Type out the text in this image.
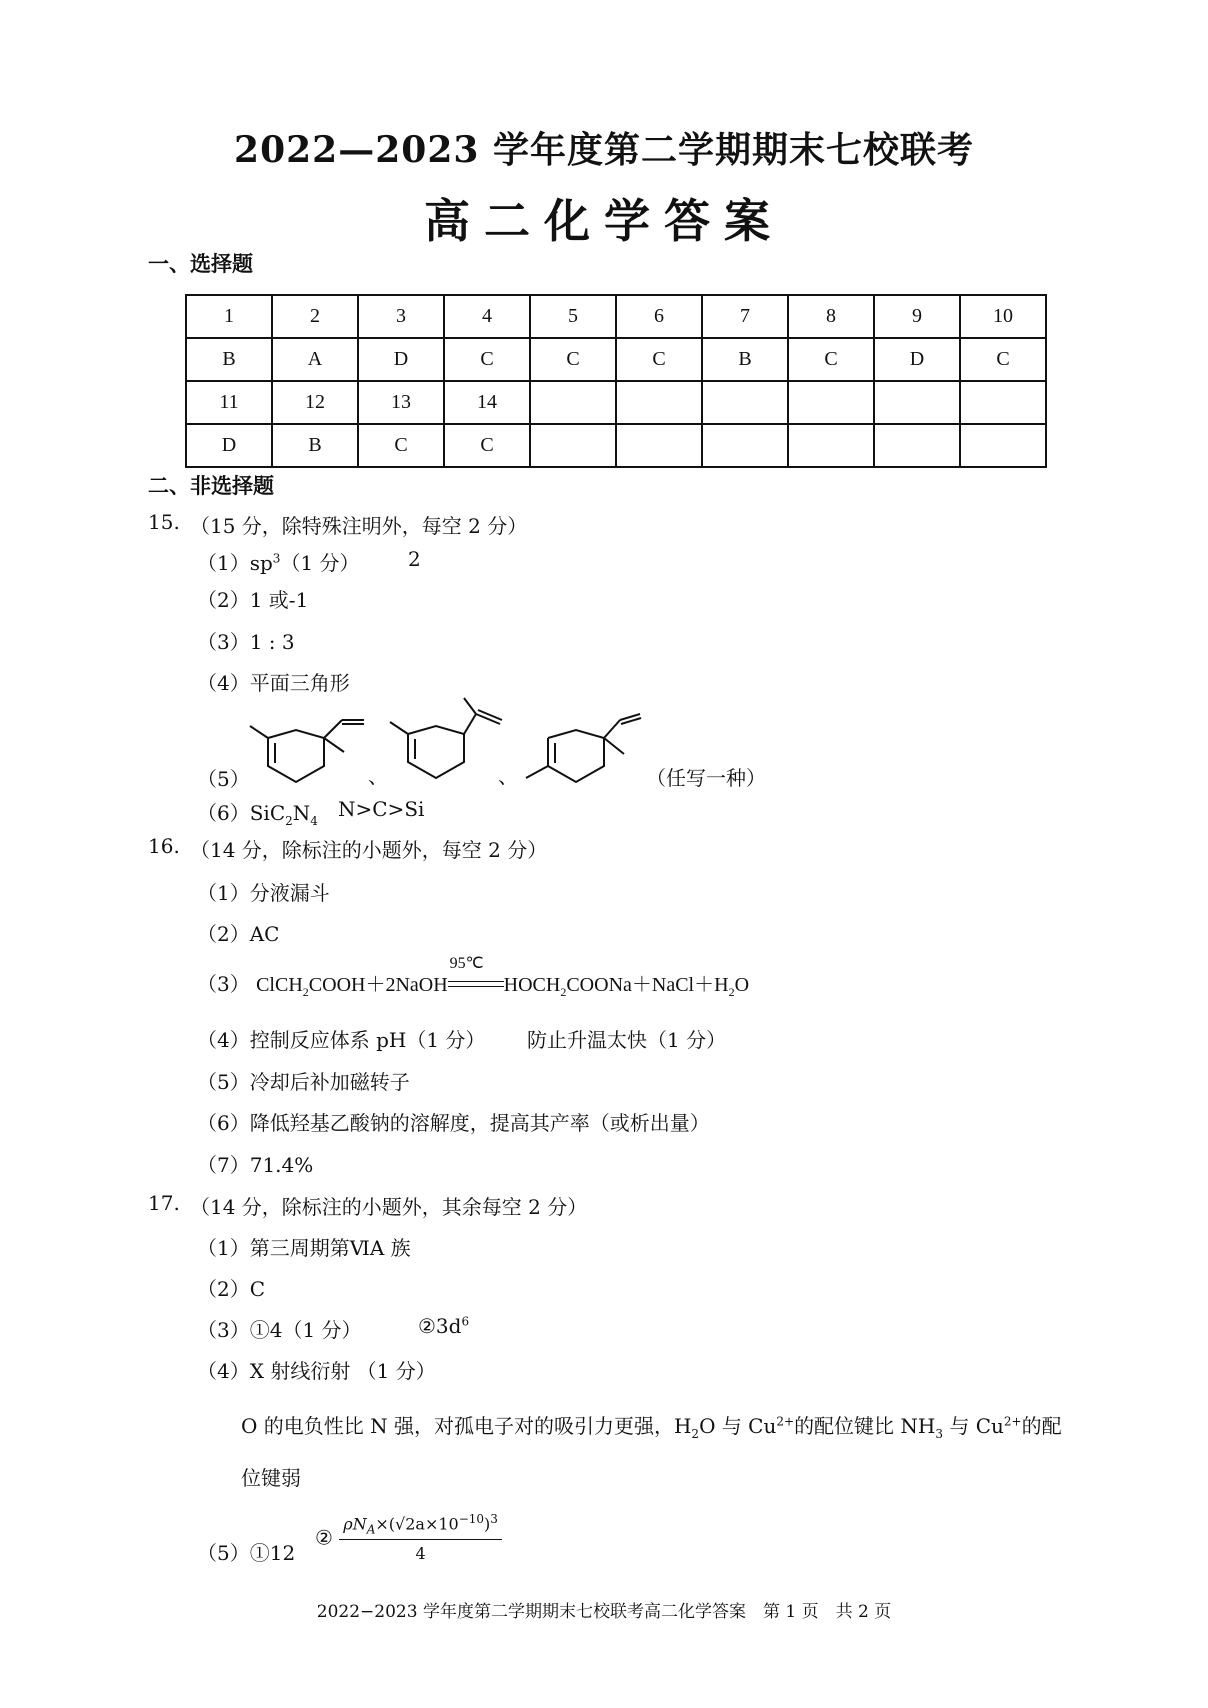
2022—2023 学年度第二学期期末七校联考
高二化学答案
一、选择题
1	2	3	4	5	6	7	8	9	10
B	A	D	C	C	C	B	C	D	C
11	12	13	14						
D	B	C	C						
二、非选择题
15. （15 分，除特殊注明外，每空 2 分）
$(1)sp^3(1$ 分） 2
（2）1 或-1
（3）1 : 3
（4）平面三角形
（5）	、	、	（任写一种）
$(6)SiC_2N_4$ N>C>Si
16. （14 分，除标注的小题外，每空 2 分）
（1）分液漏斗
（2）AC
（3） ClCH$_2$COOH＋2NaOH
95℃
$HOCH_2COONa+NaCl+H_2O$
（4）控制反应体系 pH（1 分） 防止升温太快（1 分）
（5）冷却后补加磁转子
（6）降低羟基乙酸钠的溶解度，提高其产率（或析出量）
（7）71.4%
17. （14 分，除标注的小题外，其余每空 2 分）
（1）第三周期第ⅥA 族
（2）C
（3）①4（1 分）	$②3d^6$
（4）X 射线衍射 （1 分）
O 的电负性比 N 强，对孤电子对的吸引力更强，$H_2O$ 与 $Cu^{2+}$的配位键比 $NH_3$ 与 $Cu^{2+}$的配
位键弱
（5）①12
② $\frac{\rho N_A\times(√2a\times 10^{-10})^3}{4}$
2022−2023 学年度第二学期期末七校联考高二化学答案　第 1 页　共 2 页
